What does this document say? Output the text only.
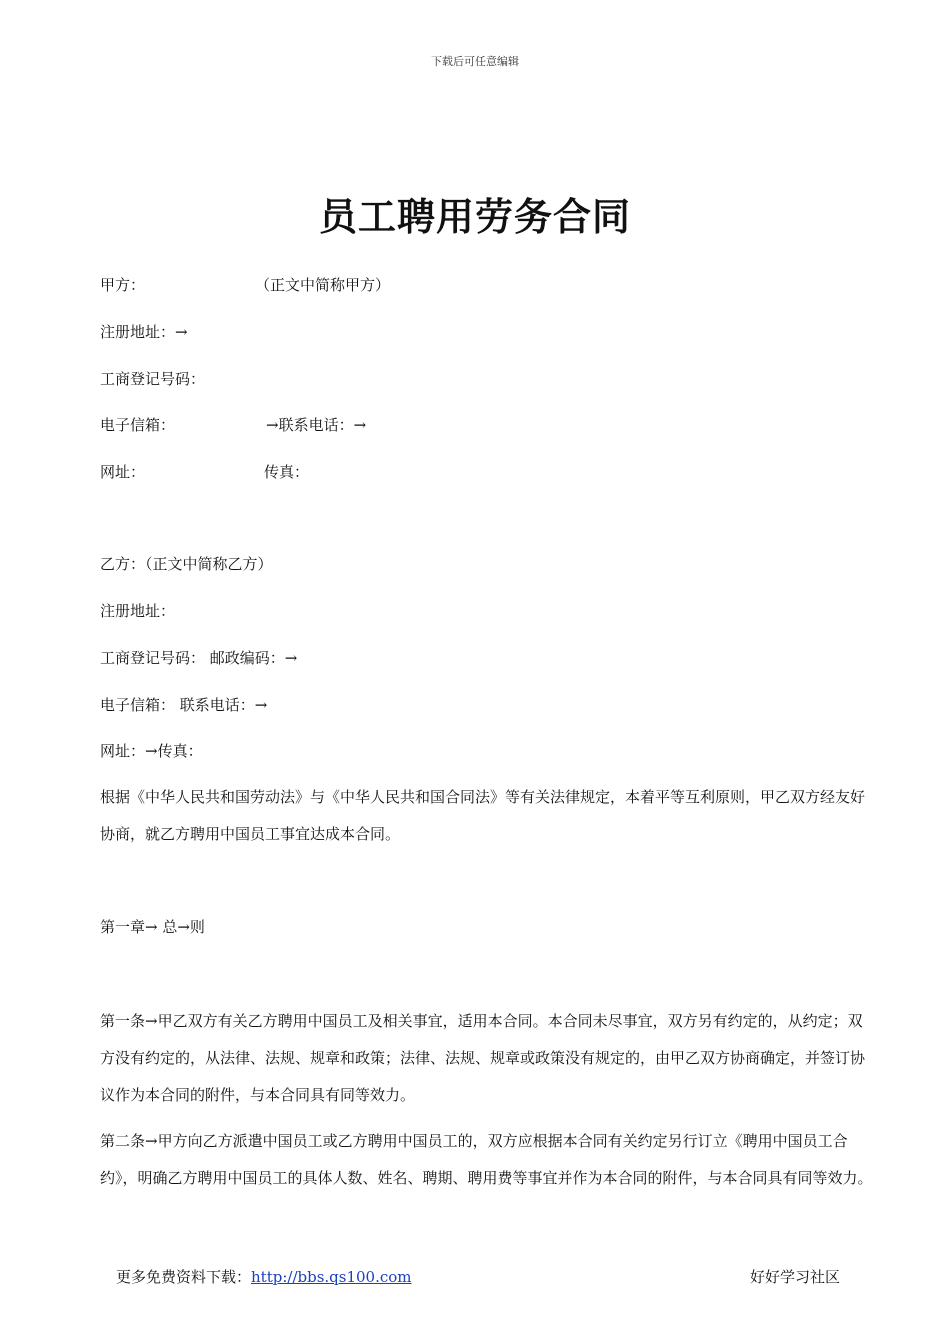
下载后可任意编辑
员工聘用劳务合同
甲方：	（正文中简称甲方）
注册地址：→
工商登记号码：
电子信箱：	→联系电话：→
网址：	传真：
乙方：（正文中简称乙方）
注册地址：
工商登记号码： 邮政编码：→
电子信箱： 联系电话：→
网址：→传真：
根据《中华人民共和国劳动法》与《中华人民共和国合同法》等有关法律规定，本着平等互利原则，甲乙双方经友好协商，就乙方聘用中国员工事宜达成本合同。
第一章→ 总→则
第一条→甲乙双方有关乙方聘用中国员工及相关事宜，适用本合同。本合同未尽事宜，双方另有约定的，从约定；双方没有约定的，从法律、法规、规章和政策；法律、法规、规章或政策没有规定的，由甲乙双方协商确定，并签订协议作为本合同的附件，与本合同具有同等效力。
第二条→甲方向乙方派遣中国员工或乙方聘用中国员工的，双方应根据本合同有关约定另行订立《聘用中国员工合约》，明确乙方聘用中国员工的具体人数、姓名、聘期、聘用费等事宜并作为本合同的附件，与本合同具有同等效力。
更多免费资料下载：http://bbs.qs100.com	好好学习社区
